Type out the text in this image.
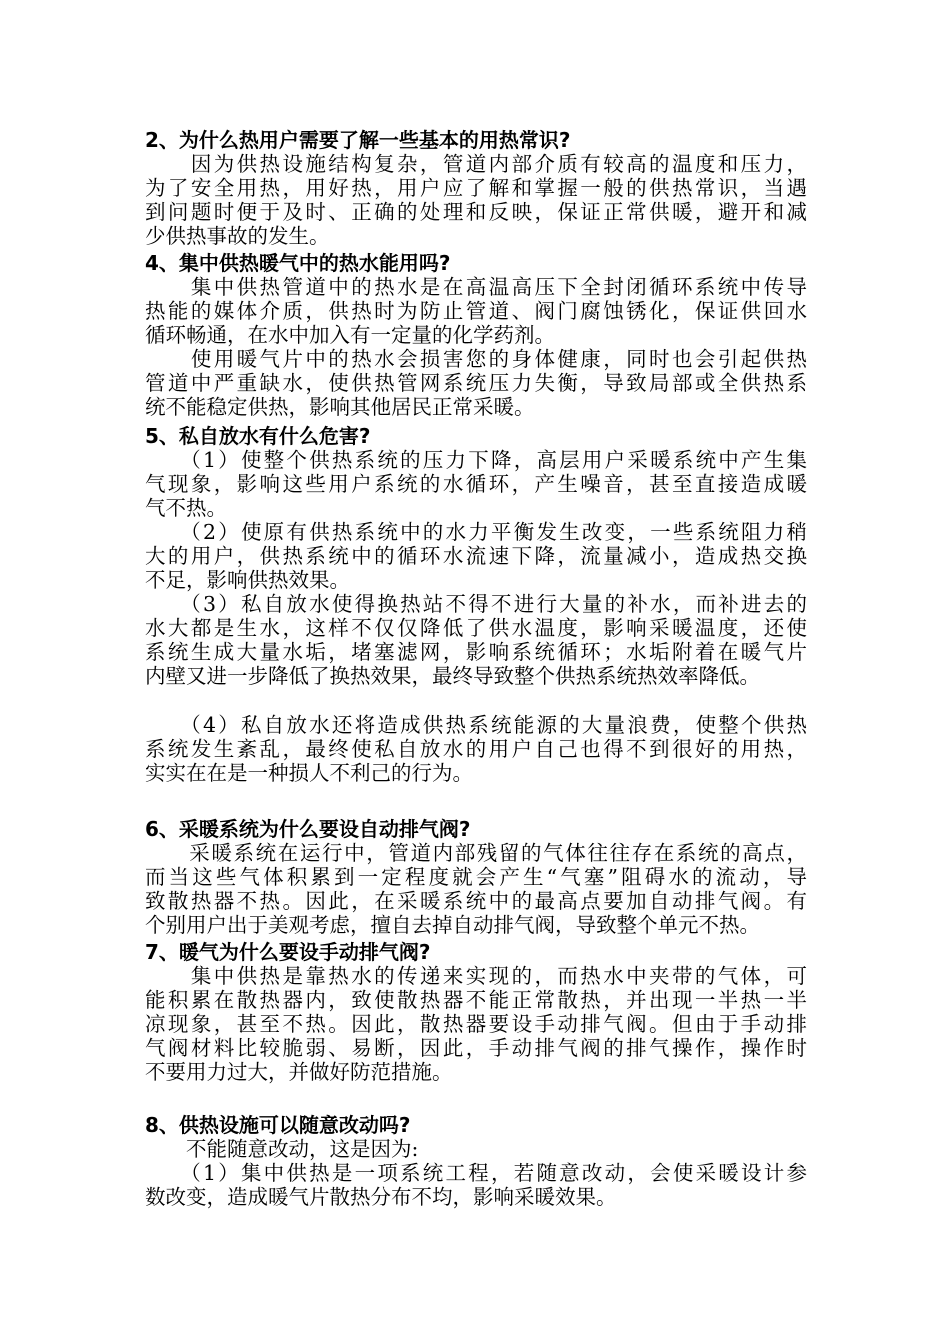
2、为什么热用户需要了解一些基本的用热常识?
　　因为供热设施结构复杂，管道内部介质有较高的温度和压力，
为了安全用热，用好热，用户应了解和掌握一般的供热常识，当遇
到问题时便于及时、正确的处理和反映，保证正常供暖，避开和减
少供热事故的发生。
4、集中供热暖气中的热水能用吗?
　　集中供热管道中的热水是在高温高压下全封闭循环系统中传导
热能的媒体介质，供热时为防止管道、阀门腐蚀锈化，保证供回水
循环畅通，在水中加入有一定量的化学药剂。
　　使用暖气片中的热水会损害您的身体健康，同时也会引起供热
管道中严重缺水，使供热管网系统压力失衡，导致局部或全供热系
统不能稳定供热，影响其他居民正常采暖。
5、私自放水有什么危害?
　　（1）使整个供热系统的压力下降，高层用户采暖系统中产生集
气现象，影响这些用户系统的水循环，产生噪音，甚至直接造成暖
气不热。
　　（2）使原有供热系统中的水力平衡发生改变，一些系统阻力稍
大的用户，供热系统中的循环水流速下降，流量减小，造成热交换
不足，影响供热效果。
　　（3）私自放水使得换热站不得不进行大量的补水，而补进去的
水大都是生水，这样不仅仅降低了供水温度，影响采暖温度，还使
系统生成大量水垢，堵塞滤网，影响系统循环；水垢附着在暖气片
内壁又进一步降低了换热效果，最终导致整个供热系统热效率降低。
　　（4）私自放水还将造成供热系统能源的大量浪费，使整个供热
系统发生紊乱，最终使私自放水的用户自己也得不到很好的用热，
实实在在是一种损人不利己的行为。
6、采暖系统为什么要设自动排气阀?
　　采暖系统在运行中，管道内部残留的气体往往存在系统的高点，
而当这些气体积累到一定程度就会产生“气塞”阻碍水的流动，导
致散热器不热。因此，在采暖系统中的最高点要加自动排气阀。有
个别用户出于美观考虑，擅自去掉自动排气阀，导致整个单元不热。
7、暖气为什么要设手动排气阀?
　　集中供热是靠热水的传递来实现的，而热水中夹带的气体，可
能积累在散热器内，致使散热器不能正常散热，并出现一半热一半
凉现象，甚至不热。因此，散热器要设手动排气阀。但由于手动排
气阀材料比较脆弱、易断，因此，手动排气阀的排气操作，操作时
不要用力过大，并做好防范措施。
8、供热设施可以随意改动吗?
　　不能随意改动，这是因为:
　　（1）集中供热是一项系统工程，若随意改动，会使采暖设计参
数改变，造成暖气片散热分布不均，影响采暖效果。
